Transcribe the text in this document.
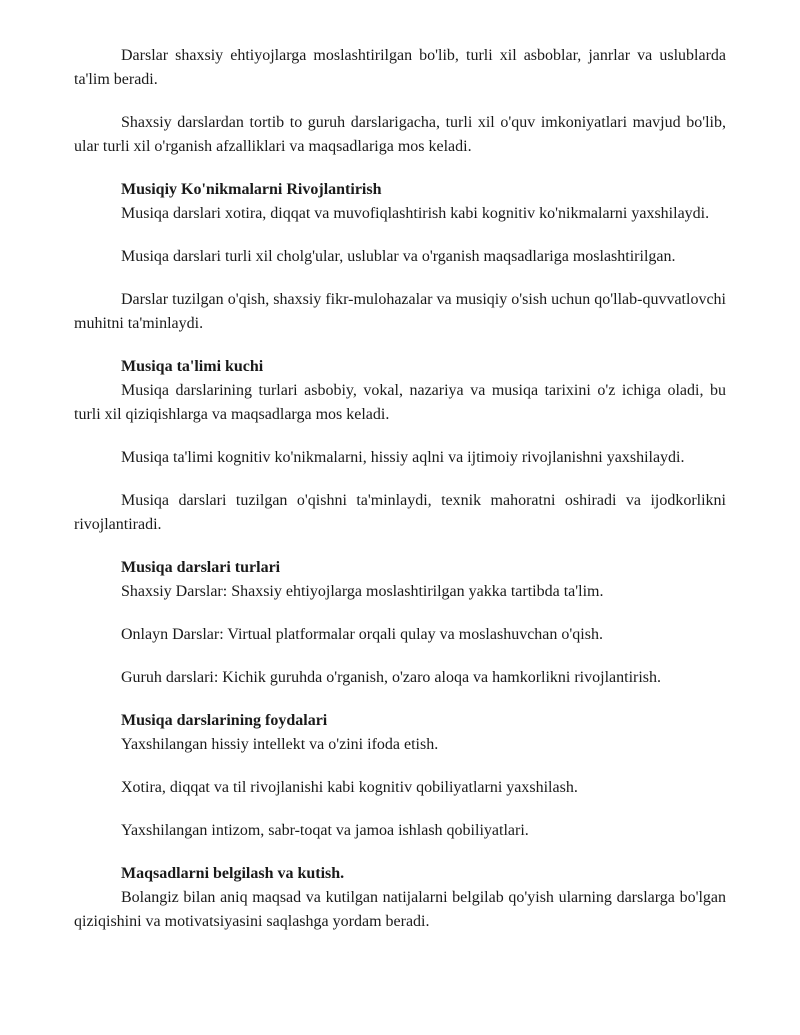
Darslar shaxsiy ehtiyojlarga moslashtirilgan bo'lib, turli xil asboblar, janrlar va uslublarda ta'lim beradi.

Shaxsiy darslardan tortib to guruh darslarigacha, turli xil o'quv imkoniyatlari mavjud bo'lib, ular turli xil o'rganish afzalliklari va maqsadlariga mos keladi.

Musiqiy Ko'nikmalarni Rivojlantirish

Musiqa darslari xotira, diqqat va muvofiqlashtirish kabi kognitiv ko'nikmalarni yaxshilaydi.

Musiqa darslari turli xil cholg'ular, uslublar va o'rganish maqsadlariga moslashtirilgan.

Darslar tuzilgan o'qish, shaxsiy fikr-mulohazalar va musiqiy o'sish uchun qo'llab-quvvatlovchi muhitni ta'minlaydi.

Musiqa ta'limi kuchi

Musiqa darslarining turlari asbobiy, vokal, nazariya va musiqa tarixini o'z ichiga oladi, bu turli xil qiziqishlarga va maqsadlarga mos keladi.

Musiqa ta'limi kognitiv ko'nikmalarni, hissiy aqlni va ijtimoiy rivojlanishni yaxshilaydi.

Musiqa darslari tuzilgan o'qishni ta'minlaydi, texnik mahoratni oshiradi va ijodkorlikni rivojlantiradi.

Musiqa darslari turlari

Shaxsiy Darslar: Shaxsiy ehtiyojlarga moslashtirilgan yakka tartibda ta'lim.

Onlayn Darslar: Virtual platformalar orqali qulay va moslashuvchan o'qish.

Guruh darslari: Kichik guruhda o'rganish, o'zaro aloqa va hamkorlikni rivojlantirish.

Musiqa darslarining foydalari

Yaxshilangan hissiy intellekt va o'zini ifoda etish.

Xotira, diqqat va til rivojlanishi kabi kognitiv qobiliyatlarni yaxshilash.

Yaxshilangan intizom, sabr-toqat va jamoa ishlash qobiliyatlari.

Maqsadlarni belgilash va kutish.

Bolangiz bilan aniq maqsad va kutilgan natijalarni belgilab qo'yish ularning darslarga bo'lgan qiziqishini va motivatsiyasini saqlashga yordam beradi.
